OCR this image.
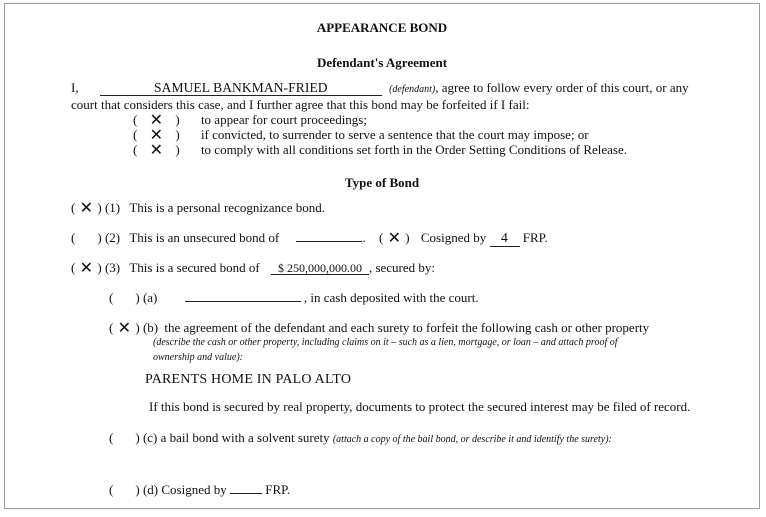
APPEARANCE BOND
Defendant's Agreement
I,	SAMUEL BANKMAN-FRIED	(defendant), agree to follow every order of this court, or any
court that considers this case, and I further agree that this bond may be forfeited if I fail:
( ✕ ) to appear for court proceedings;
( ✕ ) if convicted, to surrender to serve a sentence that the court may impose; or
( ✕ ) to comply with all conditions set forth in the Order Setting Conditions of Release.
Type of Bond
( ✕ ) (1) This is a personal recognizance bond.
( ) (2) This is an unsecured bond of	. ( ✕ ) Cosigned by 4 FRP.
( ✕ ) (3) This is a secured bond of $ 250,000,000.00 , secured by:
( ) (a)	, in cash deposited with the court.
( ✕ ) (b) the agreement of the defendant and each surety to forfeit the following cash or other property
(describe the cash or other property, including claims on it – such as a lien, mortgage, or loan – and attach proof of
ownership and value):
PARENTS HOME IN PALO ALTO
If this bond is secured by real property, documents to protect the secured interest may be filed of record.
( ) (c) a bail bond with a solvent surety (attach a copy of the bail bond, or describe it and identify the surety):
( ) (d) Cosigned by	FRP.
